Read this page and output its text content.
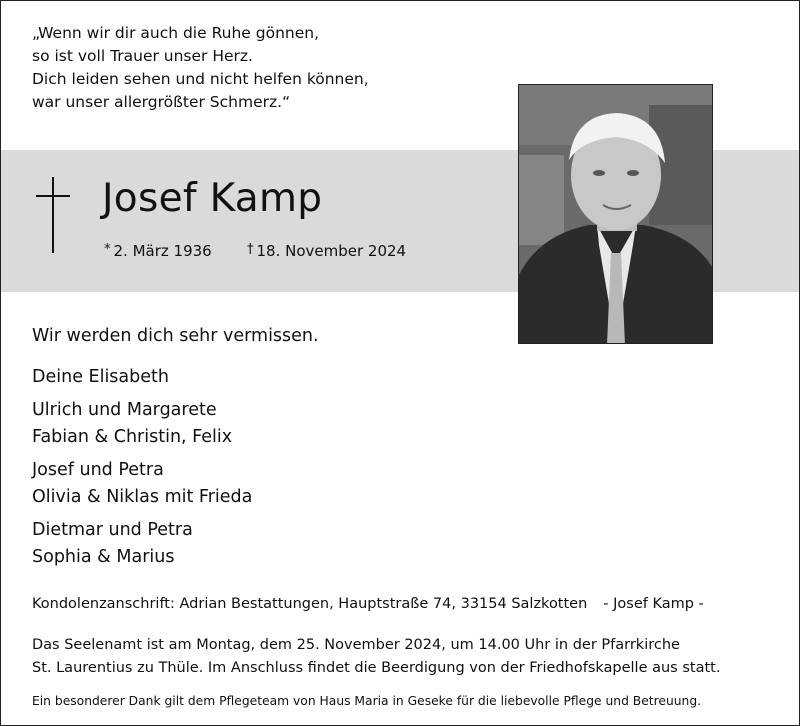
„Wenn wir dir auch die Ruhe gönnen,
so ist voll Trauer unser Herz.
Dich leiden sehen und nicht helfen können,
war unser allergrößter Schmerz.“
Josef Kamp
* 2. März 1936	† 18. November 2024
Wir werden dich sehr vermissen.
Deine Elisabeth
Ulrich und Margarete
Fabian & Christin, Felix
Josef und Petra
Olivia & Niklas mit Frieda
Dietmar und Petra
Sophia & Marius
Kondolenzanschrift: Adrian Bestattungen, Hauptstraße 74, 33154 Salzkotten - Josef Kamp -
Das Seelenamt ist am Montag, dem 25. November 2024, um 14.00 Uhr in der Pfarrkirche
St. Laurentius zu Thüle. Im Anschluss findet die Beerdigung von der Friedhofskapelle aus statt.
Ein besonderer Dank gilt dem Pflegeteam von Haus Maria in Geseke für die liebevolle Pflege und Betreuung.
